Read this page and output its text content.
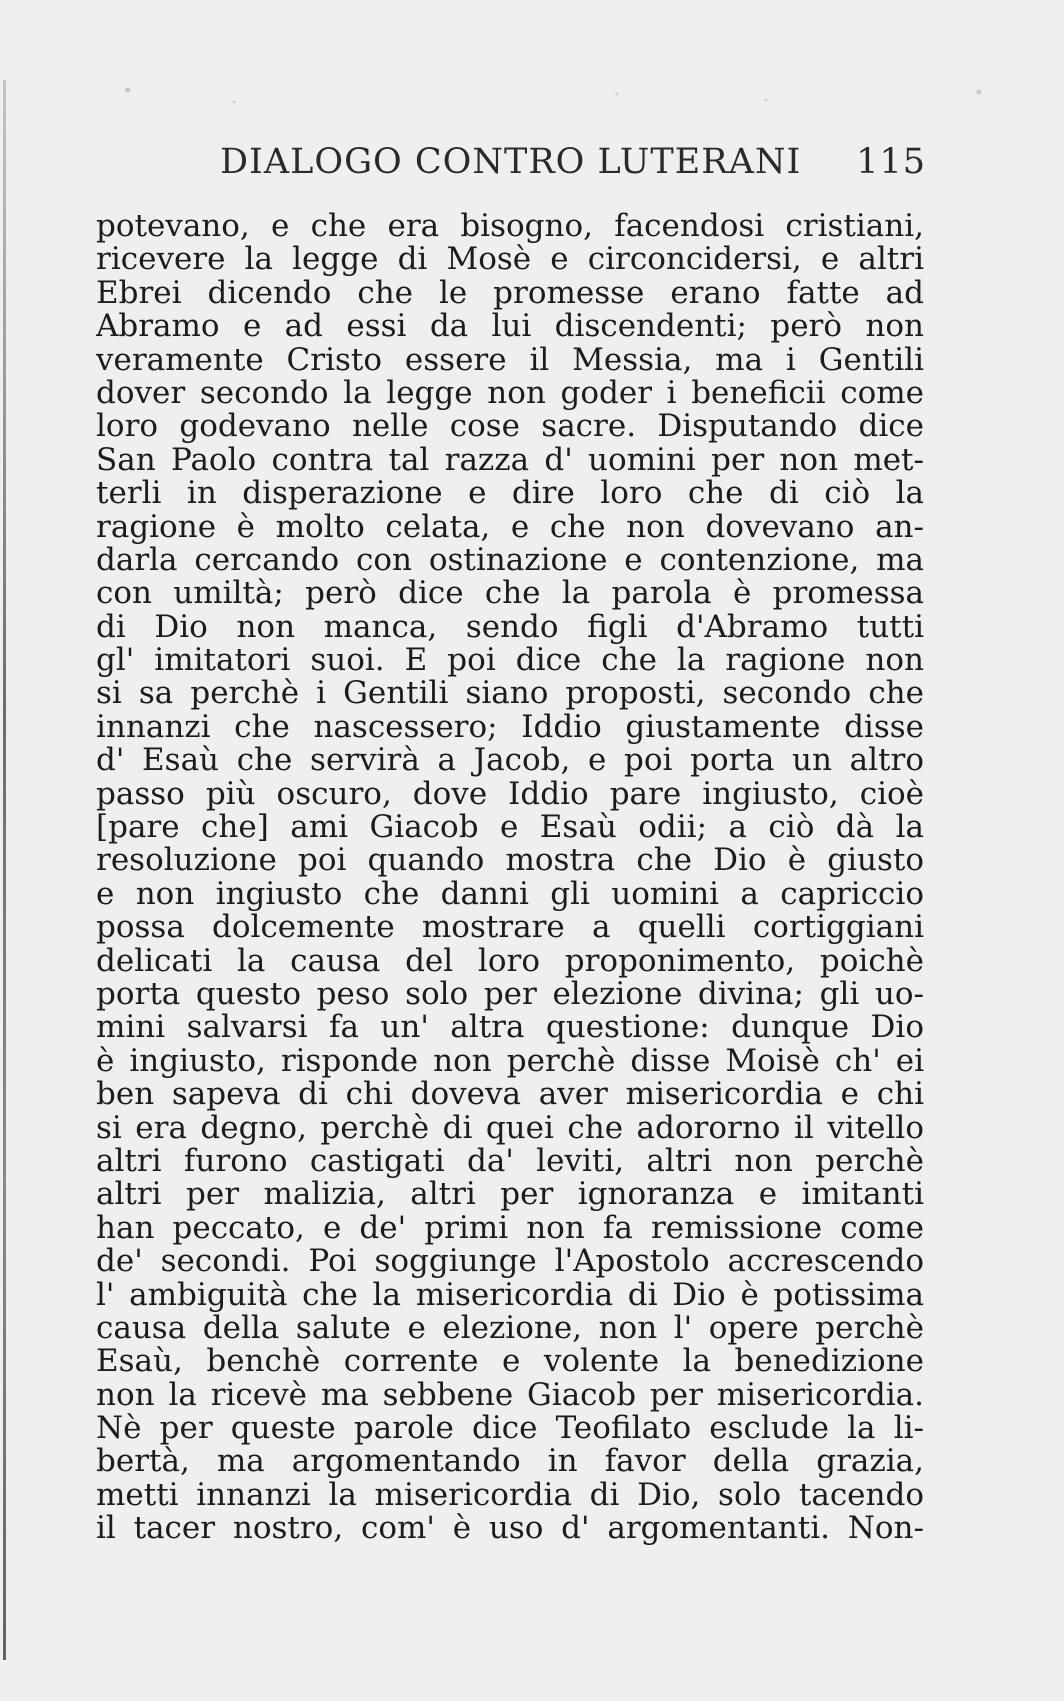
DIALOGO CONTRO LUTERANI 115
potevano, e che era bisogno, facendosi cristiani,
ricevere la legge di Mosè e circoncidersi, e altri
Ebrei dicendo che le promesse erano fatte ad
Abramo e ad essi da lui discendenti; però non
veramente Cristo essere il Messia, ma i Gentili
dover secondo la legge non goder i beneficii come
loro godevano nelle cose sacre. Disputando dice
San Paolo contra tal razza d' uomini per non met-
terli in disperazione e dire loro che di ciò la
ragione è molto celata, e che non dovevano an-
darla cercando con ostinazione e contenzione, ma
con umiltà; però dice che la parola è promessa
di Dio non manca, sendo figli d'Abramo tutti
gl' imitatori suoi. E poi dice che la ragione non
si sa perchè i Gentili siano proposti, secondo che
innanzi che nascessero; Iddio giustamente disse
d' Esaù che servirà a Jacob, e poi porta un altro
passo più oscuro, dove Iddio pare ingiusto, cioè
[pare che] ami Giacob e Esaù odii; a ciò dà la
resoluzione poi quando mostra che Dio è giusto
e non ingiusto che danni gli uomini a capriccio
possa dolcemente mostrare a quelli cortiggiani
delicati la causa del loro proponimento, poichè
porta questo peso solo per elezione divina; gli uo-
mini salvarsi fa un' altra questione: dunque Dio
è ingiusto, risponde non perchè disse Moisè ch' ei
ben sapeva di chi doveva aver misericordia e chi
si era degno, perchè di quei che adororno il vitello
altri furono castigati da' leviti, altri non perchè
altri per malizia, altri per ignoranza e imitanti
han peccato, e de' primi non fa remissione come
de' secondi. Poi soggiunge l'Apostolo accrescendo
l' ambiguità che la misericordia di Dio è potissima
causa della salute e elezione, non l' opere perchè
Esaù, benchè corrente e volente la benedizione
non la ricevè ma sebbene Giacob per misericordia.
Nè per queste parole dice Teofilato esclude la li-
bertà, ma argomentando in favor della grazia,
metti innanzi la misericordia di Dio, solo tacendo
il tacer nostro, com' è uso d' argomentanti. Non-
